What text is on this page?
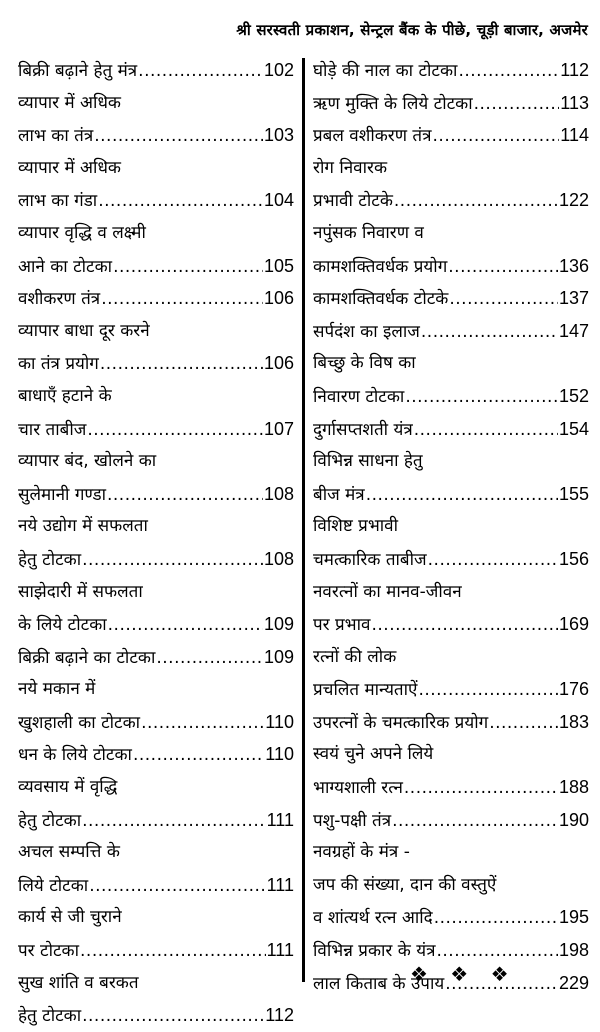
श्री सरस्वती प्रकाशन, सेन्ट्रल बैंक के पीछे, चूड़ी बाजार, अजमेर
बिक्री बढ़ाने हेतु मंत्र .....	102
व्यापार में अधिक
लाभ का तंत्र .....	103
व्यापार में अधिक
लाभ का गंडा .....	104
व्यापार वृद्धि व लक्ष्मी
आने का टोटका .....	105
वशीकरण तंत्र .....	106
व्यापार बाधा दूर करने
का तंत्र प्रयोग .....	106
बाधाएँ हटाने के
चार ताबीज .....	107
व्यापार बंद, खोलने का
सुलेमानी गण्डा .....	108
नये उद्योग में सफलता
हेतु टोटका .....	108
साझेदारी में सफलता
के लिये टोटका .....	109
बिक्री बढ़ाने का टोटका .....	109
नये मकान में
खुशहाली का टोटका .....	110
धन के लिये टोटका .....	110
व्यवसाय में वृद्धि
हेतु टोटका .....	111
अचल सम्पत्ति के
लिये टोटका .....	111
कार्य से जी चुराने
पर टोटका .....	111
सुख शांति व बरकत
हेतु टोटका .....	112
घोड़े की नाल का टोटका .....	112
ऋण मुक्ति के लिये टोटका .....	113
प्रबल वशीकरण तंत्र .....	114
रोग निवारक
प्रभावी टोटके .....	122
नपुंसक निवारण व
कामशक्तिवर्धक प्रयोग .....	136
कामशक्तिवर्धक टोटके .....	137
सर्पदंश का इलाज .....	147
बिच्छु के विष का
निवारण टोटका .....	152
दुर्गासप्तशती यंत्र .....	154
विभिन्न साधना हेतु
बीज मंत्र .....	155
विशिष्ट प्रभावी
चमत्कारिक ताबीज .....	156
नवरत्नों का मानव-जीवन
पर प्रभाव .....	169
रत्नों की लोक
प्रचलित मान्यताऐं .....	176
उपरत्नों के चमत्कारिक प्रयोग .....	183
स्वयं चुने अपने लिये
भाग्यशाली रत्न .....	188
पशु-पक्षी तंत्र .....	190
नवग्रहों के मंत्र -
जप की संख्या, दान की वस्तुऐं
व शांत्यर्थ रत्न आदि .....	195
विभिन्न प्रकार के यंत्र .....	198
लाल किताब के उपाय .....	229
❖ ❖ ❖
